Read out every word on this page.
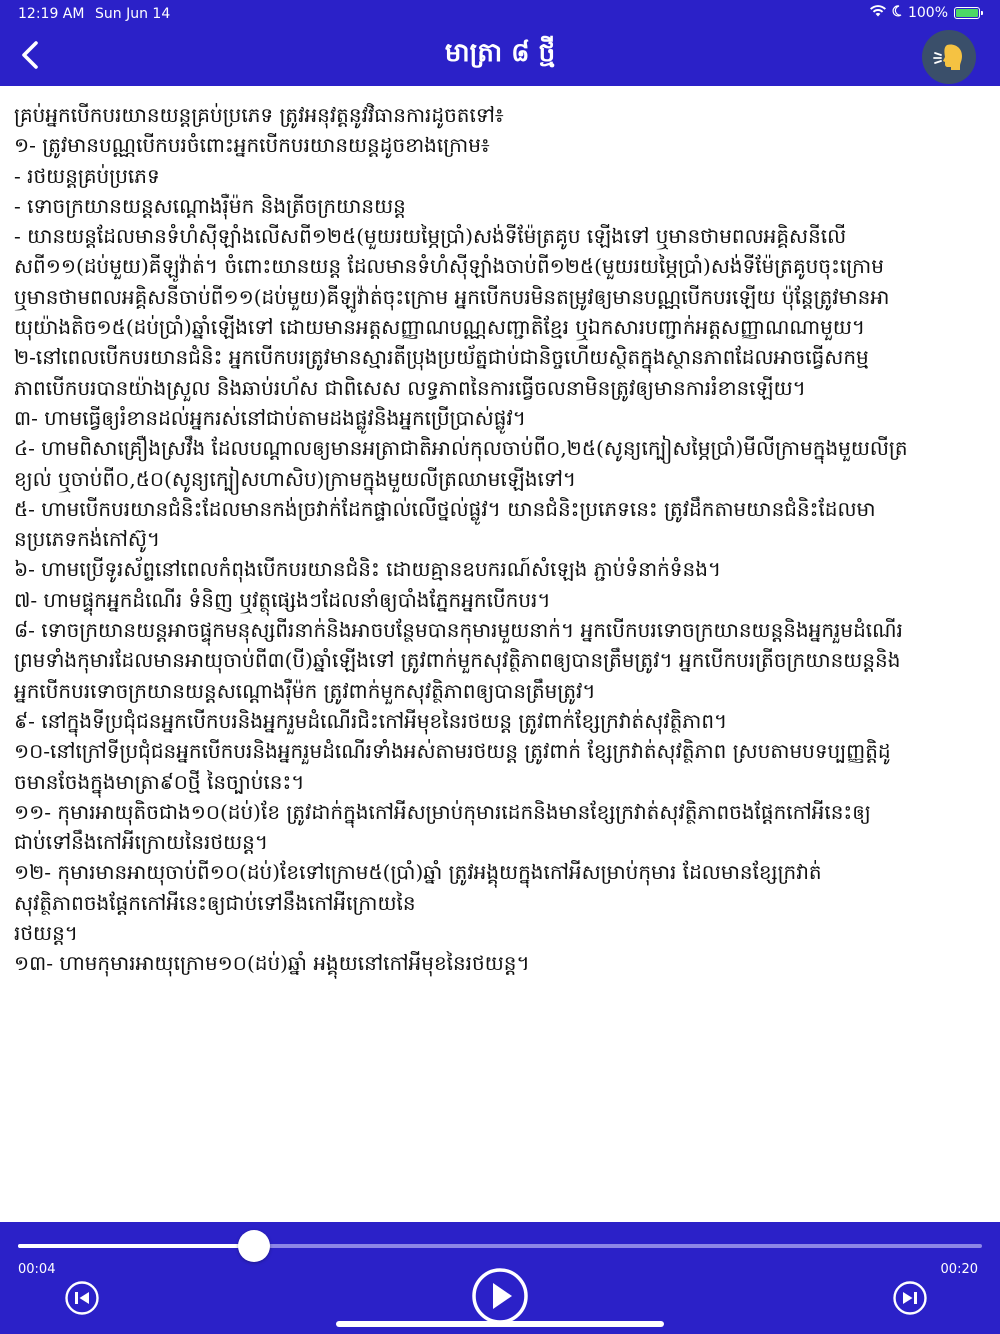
12:19 AM Sun Jun 14	100%
មាត្រា ៨ ថ្មី

គ្រប់អ្នកបើកបរយានយន្តគ្រប់ប្រភេទ ត្រូវអនុវត្តនូវវិធានការដូចតទៅ៖

១- ត្រូវមានបណ្ណបើកបរចំពោះអ្នកបើកបរយានយន្តដូចខាងក្រោម៖

- រថយន្តគ្រប់ប្រភេទ

- ទោចក្រយានយន្តសណ្ដោងរ៉ឺម៉ក និងត្រីចក្រយានយន្ត

- យានយន្តដែលមានទំហំស៊ីឡាំងលើសពី១២៥(មួយរយម្ភៃប្រាំ)សង់ទីម៉ែត្រគូប ឡើងទៅ ឬមានថាមពលអគ្គិសនីលើ

សពី១១(ដប់មួយ)គីឡូវ៉ាត់។ ចំពោះយានយន្ត ដែលមានទំហំស៊ីឡាំងចាប់ពី១២៥(មួយរយម្ភៃប្រាំ)សង់ទីម៉ែត្រគូបចុះក្រោម

ឬមានថាមពលអគ្គិសនីចាប់ពី១១(ដប់មួយ)គីឡូវ៉ាត់ចុះក្រោម អ្នកបើកបរមិនតម្រូវឲ្យមានបណ្ណបើកបរឡើយ ប៉ុន្តែត្រូវមានអា

យុយ៉ាងតិច១៥(ដប់ប្រាំ)ឆ្នាំឡើងទៅ ដោយមានអត្តសញ្ញាណបណ្ណសញ្ជាតិខ្មែរ ឬឯកសារបញ្ជាក់អត្តសញ្ញាណណាមួយ។

២-នៅពេលបើកបរយានជំនិះ អ្នកបើកបរត្រូវមានស្មារតីប្រុងប្រយ័ត្នជាប់ជានិច្ចហើយស្ថិតក្នុងស្ថានភាពដែលអាចធ្វើសកម្ម

ភាពបើកបរបានយ៉ាងស្រួល និងឆាប់រហ័ស ជាពិសេស លទ្ធភាពនៃការធ្វើចលនាមិនត្រូវឲ្យមានការរំខានឡើយ។

៣- ហាមធ្វើឲ្យរំខានដល់អ្នករស់នៅជាប់តាមដងផ្លូវនិងអ្នកប្រើប្រាស់ផ្លូវ។

៤- ហាមពិសាគ្រឿងស្រវឹង ដែលបណ្ដាលឲ្យមានអត្រាជាតិអាល់កុលចាប់ពី០,២៥(សូន្យក្បៀសម្ភៃប្រាំ)មីលីក្រាមក្នុងមួយលីត្រ

ខ្យល់ ឬចាប់ពី០,៥០(សូន្យក្បៀសហាសិប)ក្រាមក្នុងមួយលីត្រឈាមឡើងទៅ។

៥- ហាមបើកបរយានជំនិះដែលមានកង់ច្រវាក់ដែកផ្ទាល់លើថ្នល់ផ្លូវ។ យានជំនិះប្រភេទនេះ ត្រូវដឹកតាមយានជំនិះដែលមា

នប្រភេទកង់កៅស៊ូ។

៦- ហាមប្រើទូរស័ព្ទនៅពេលកំពុងបើកបរយានជំនិះ ដោយគ្មានឧបករណ៍សំឡេង ភ្ជាប់ទំនាក់ទំនង។

៧- ហាមផ្ទុកអ្នកដំណើរ ទំនិញ ឬវត្ថុផ្សេងៗដែលនាំឲ្យបាំងភ្នែកអ្នកបើកបរ។

៨- ទោចក្រយានយន្តអាចផ្ទុកមនុស្សពីរនាក់និងអាចបន្ថែមបានកុមារមួយនាក់។ អ្នកបើកបរទោចក្រយានយន្តនិងអ្នករួមដំណើរ

ព្រមទាំងកុមារដែលមានអាយុចាប់ពី៣(បី)ឆ្នាំឡើងទៅ ត្រូវពាក់មួកសុវត្ថិភាពឲ្យបានត្រឹមត្រូវ។ អ្នកបើកបរត្រីចក្រយានយន្តនិង

អ្នកបើកបរទោចក្រយានយន្តសណ្ដោងរ៉ឺម៉ក ត្រូវពាក់មួកសុវត្ថិភាពឲ្យបានត្រឹមត្រូវ។

៩- នៅក្នុងទីប្រជុំជនអ្នកបើកបរនិងអ្នករួមដំណើរជិះកៅអីមុខនៃរថយន្ត ត្រូវពាក់ខ្សែក្រវាត់សុវត្ថិភាព។

១០-នៅក្រៅទីប្រជុំជនអ្នកបើកបរនិងអ្នករួមដំណើរទាំងអស់តាមរថយន្ត ត្រូវពាក់ ខ្សែក្រវាត់សុវត្ថិភាព ស្របតាមបទប្បញ្ញត្តិដូ

ចមានចែងក្នុងមាត្រា៩០ថ្មី នៃច្បាប់នេះ។

១១- កុមារអាយុតិចជាង១០(ដប់)ខែ ត្រូវដាក់ក្នុងកៅអីសម្រាប់កុមារដេកនិងមានខ្សែក្រវាត់សុវត្ថិភាពចងផ្ដែកកៅអីនេះឲ្យ

ជាប់ទៅនឹងកៅអីក្រោយនៃរថយន្ត។

១២- កុមារមានអាយុចាប់ពី១០(ដប់)ខែទៅក្រោម៥(ប្រាំ)ឆ្នាំ ត្រូវអង្គុយក្នុងកៅអីសម្រាប់កុមារ ដែលមានខ្សែក្រវាត់

សុវត្ថិភាពចងផ្ដែកកៅអីនេះឲ្យជាប់ទៅនឹងកៅអីក្រោយនៃ

រថយន្ត។

១៣- ហាមកុមារអាយុក្រោម១០(ដប់)ឆ្នាំ អង្គុយនៅកៅអីមុខនៃរថយន្ត។

00:04	00:20
